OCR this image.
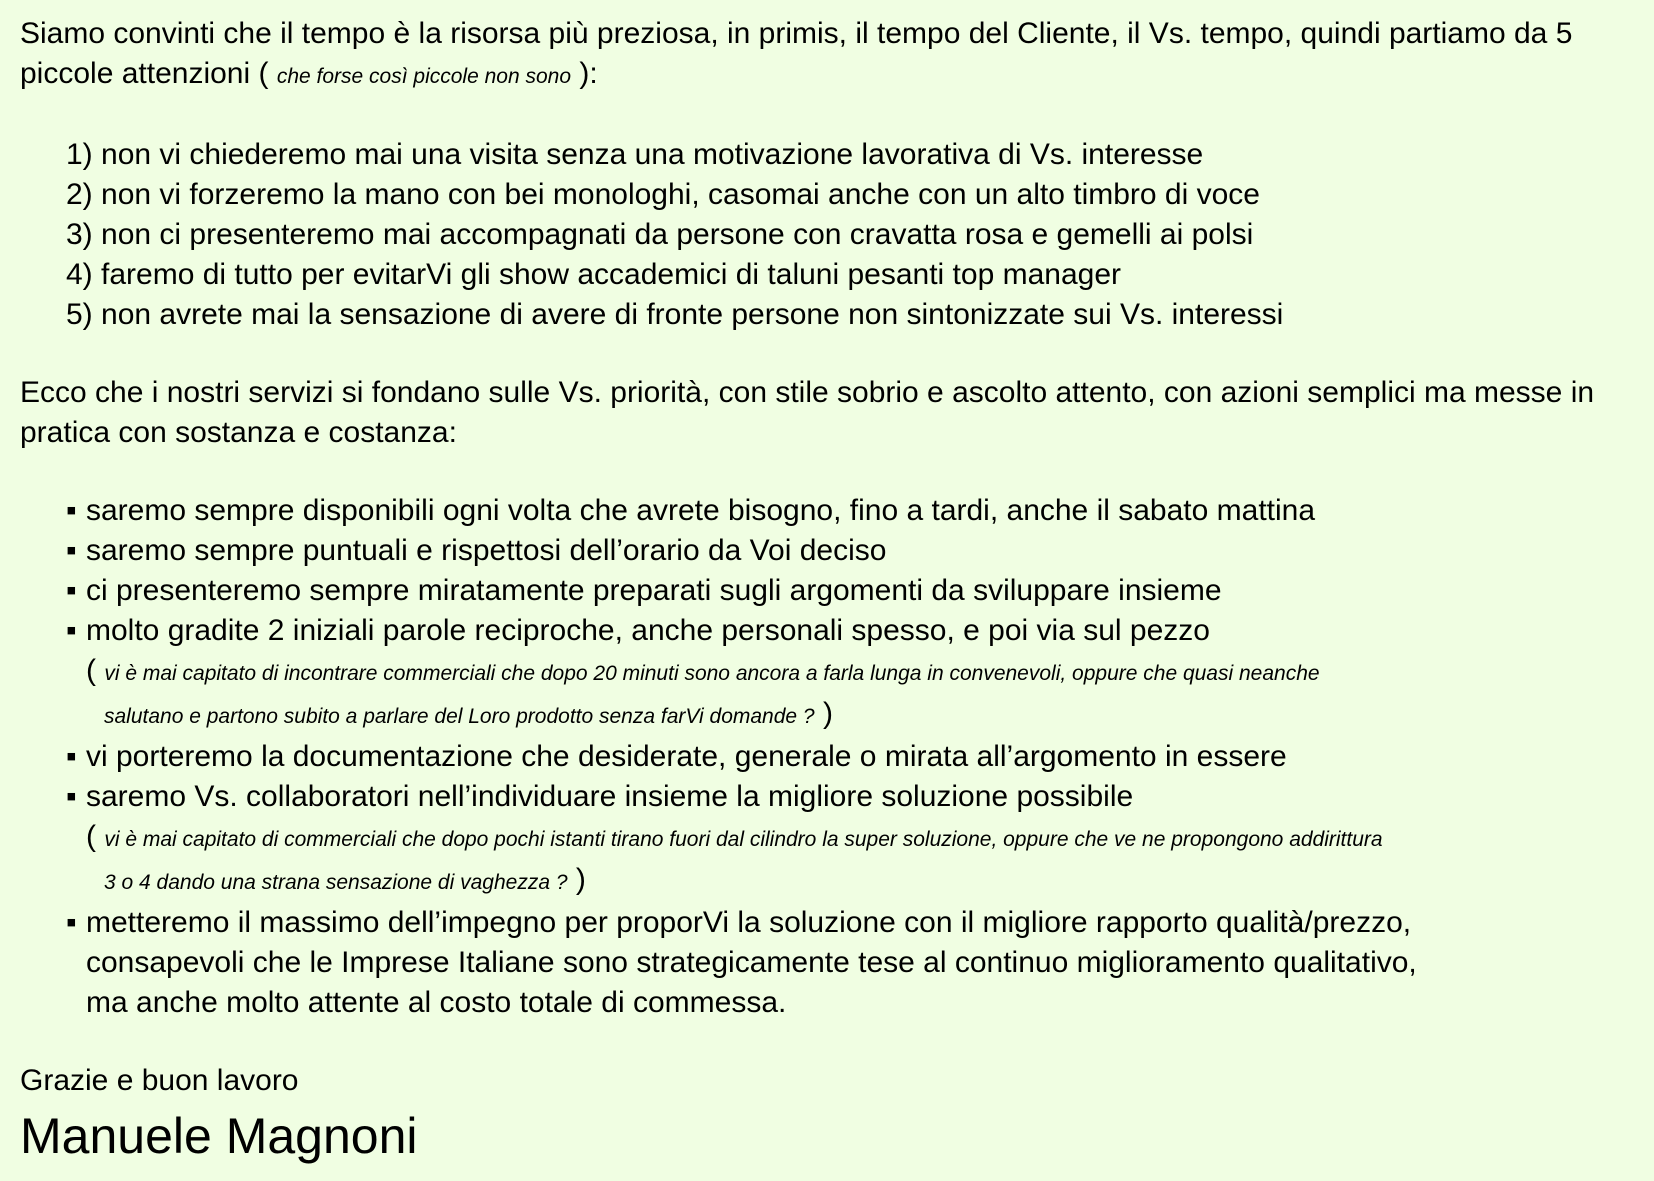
Siamo convinti che il tempo è la risorsa più preziosa, in primis, il tempo del Cliente, il Vs. tempo, quindi partiamo da 5 piccole attenzioni ( che forse così piccole non sono ):

1) non vi chiederemo mai una visita senza una motivazione lavorativa di Vs. interesse
2) non vi forzeremo la mano con bei monologhi, casomai anche con un alto timbro di voce
3) non ci presenteremo mai accompagnati da persone con cravatta rosa e gemelli ai polsi
4) faremo di tutto per evitarVi gli show accademici di taluni pesanti top manager
5) non avrete mai la sensazione di avere di fronte persone non sintonizzate sui Vs. interessi

Ecco che i nostri servizi si fondano sulle Vs. priorità, con stile sobrio e ascolto attento, con azioni semplici ma messe in pratica con sostanza e costanza:

▪ saremo sempre disponibili ogni volta che avrete bisogno, fino a tardi, anche il sabato mattina
▪ saremo sempre puntuali e rispettosi dell’orario da Voi deciso
▪ ci presenteremo sempre miratamente preparati sugli argomenti da sviluppare insieme
▪ molto gradite 2 iniziali parole reciproche, anche personali spesso, e poi via sul pezzo
( vi è mai capitato di incontrare commerciali che dopo 20 minuti sono ancora a farla lunga in convenevoli, oppure che quasi neanche
salutano e partono subito a parlare del Loro prodotto senza farVi domande ? )
▪ vi porteremo la documentazione che desiderate, generale o mirata all’argomento in essere
▪ saremo Vs. collaboratori nell’individuare insieme la migliore soluzione possibile
( vi è mai capitato di commerciali che dopo pochi istanti tirano fuori dal cilindro la super soluzione, oppure che ve ne propongono addirittura
3 o 4 dando una strana sensazione di vaghezza ? )
▪ metteremo il massimo dell’impegno per proporVi la soluzione con il migliore rapporto qualità/prezzo,
consapevoli che le Imprese Italiane sono strategicamente tese al continuo miglioramento qualitativo,
ma anche molto attente al costo totale di commessa.

Grazie e buon lavoro

Manuele Magnoni
